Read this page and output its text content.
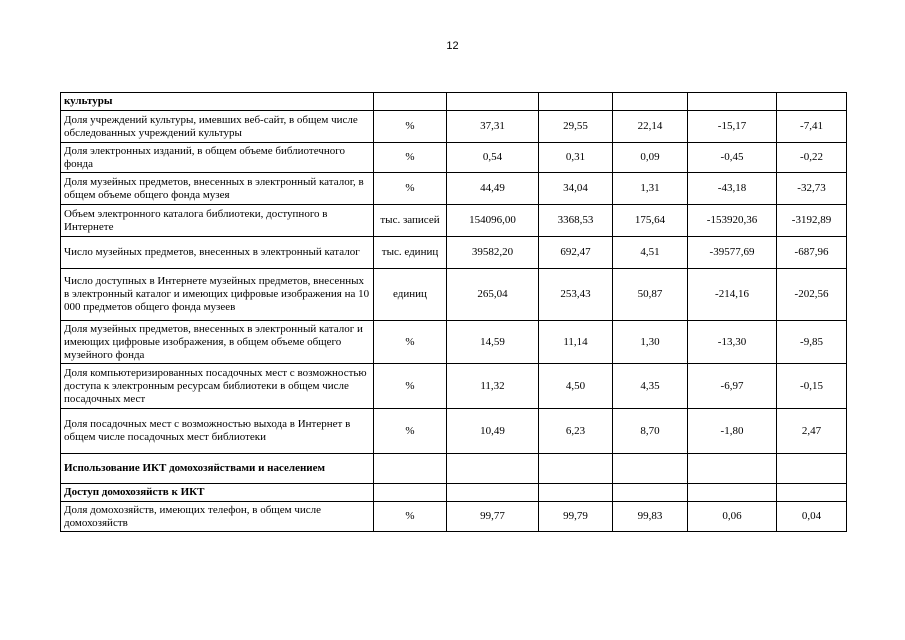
12
культуры						
Доля учреждений культуры, имевших веб-сайт, в общем числе обследованных учреждений культуры	%	37,31	29,55	22,14	-15,17	-7,41
Доля электронных изданий, в общем объеме библиотечного фонда	%	0,54	0,31	0,09	-0,45	-0,22
Доля музейных предметов, внесенных в электронный каталог, в общем объеме общего фонда музея	%	44,49	34,04	1,31	-43,18	-32,73
Объем электронного каталога библиотеки, доступного в Интернете	тыс. записей	154096,00	3368,53	175,64	-153920,36	-3192,89
Число музейных предметов, внесенных в электронный каталог	тыс. единиц	39582,20	692,47	4,51	-39577,69	-687,96
Число доступных в Интернете музейных предметов, внесенных в электронный каталог и имеющих цифровые изображения на 10 000 предметов общего фонда музеев	единиц	265,04	253,43	50,87	-214,16	-202,56
Доля музейных предметов, внесенных в электронный каталог и имеющих цифровые изображения, в общем объеме общего музейного фонда	%	14,59	11,14	1,30	-13,30	-9,85
Доля компьютеризированных посадочных мест с возможностью доступа к электронным ресурсам библиотеки в общем числе посадочных мест	%	11,32	4,50	4,35	-6,97	-0,15
Доля посадочных мест с возможностью выхода в Интернет в общем числе посадочных мест библиотеки	%	10,49	6,23	8,70	-1,80	2,47
Использование ИКТ домохозяйствами и населением						
Доступ домохозяйств к ИКТ						
Доля домохозяйств, имеющих телефон, в общем числе домохозяйств	%	99,77	99,79	99,83	0,06	0,04
